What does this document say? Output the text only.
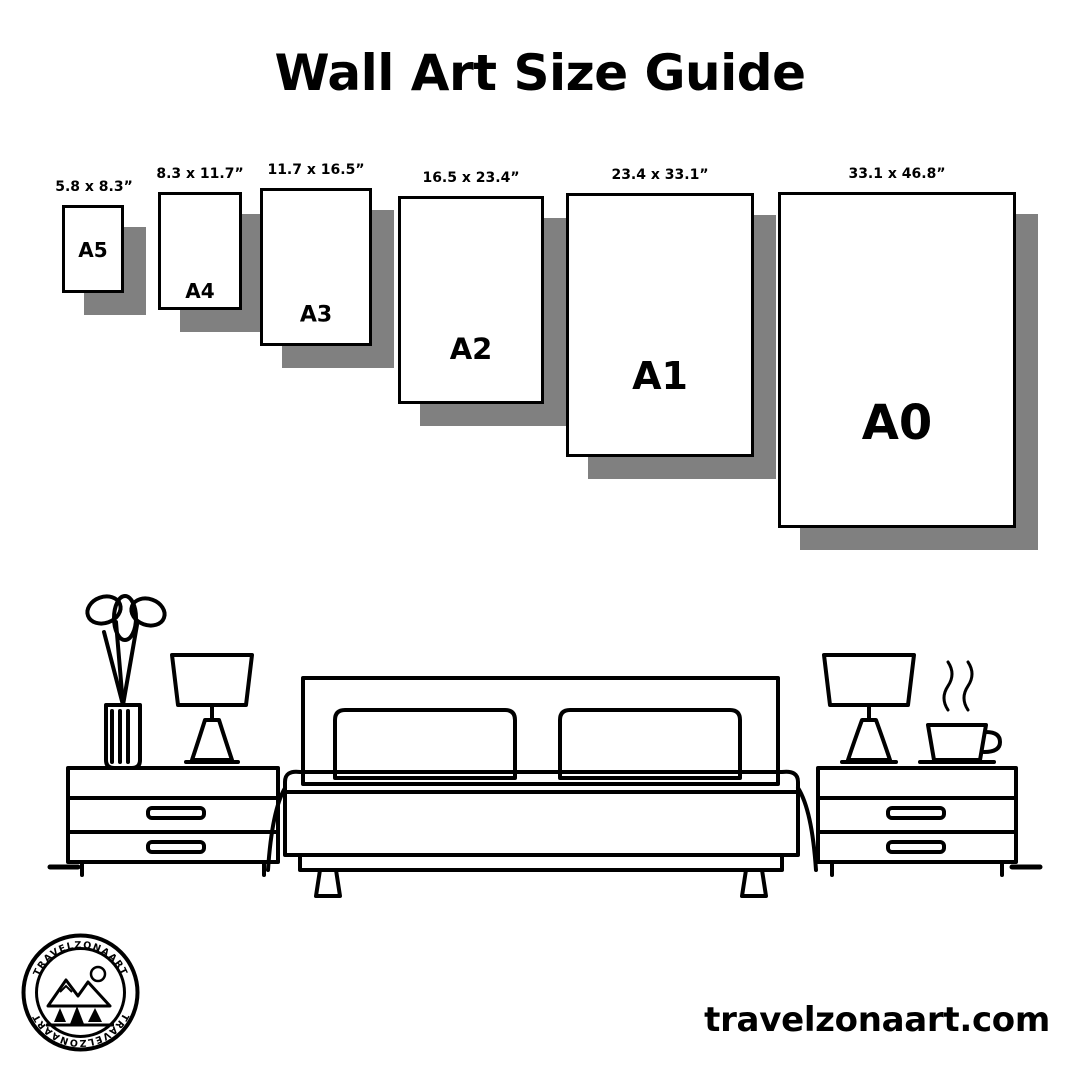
Wall Art Size Guide
5.8 x 8.3”
A5
8.3 x 11.7”
A4
11.7 x 16.5”
A3
16.5 x 23.4”
A2
23.4 x 33.1”
A1
33.1 x 46.8”
A0
TRAVELZONAART
TRAVELZONAART	travelzonaart.com
